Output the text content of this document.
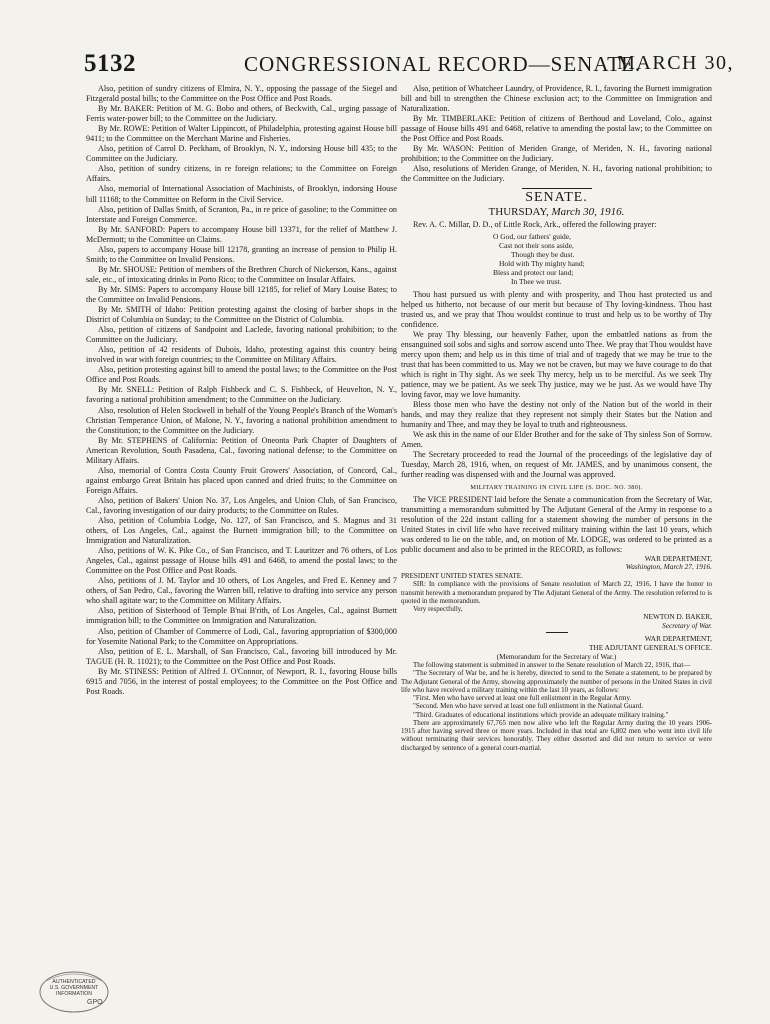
5132	CONGRESSIONAL RECORD—SENATE.
MARCH 30,

Also, petition of sundry citizens of Elmira, N. Y., opposing the passage of the Siegel and Fitzgerald postal bills; to the Committee on the Post Office and Post Roads.

By Mr. BAKER: Petition of M. G. Bobo and others, of Beckwith, Cal., urging passage of Ferris water-power bill; to the Committee on the Judiciary.

By Mr. ROWE: Petition of Walter Lippincott, of Philadelphia, protesting against House bill 9411; to the Committee on the Merchant Marine and Fisheries.

Also, petition of Carrol D. Peckham, of Brooklyn, N. Y., indorsing House bill 435; to the Committee on the Judiciary.

Also, petition of sundry citizens, in re foreign relations; to the Committee on Foreign Affairs.

Also, memorial of International Association of Machinists, of Brooklyn, indorsing House bill 11168; to the Committee on Reform in the Civil Service.

Also, petition of Dallas Smith, of Scranton, Pa., in re price of gasoline; to the Committee on Interstate and Foreign Commerce.

By Mr. SANFORD: Papers to accompany House bill 13371, for the relief of Matthew J. McDermott; to the Committee on Claims.

Also, papers to accompany House bill 12178, granting an increase of pension to Philip H. Smith; to the Committee on Invalid Pensions.

By Mr. SHOUSE: Petition of members of the Brethren Church of Nickerson, Kans., against sale, etc., of intoxicating drinks in Porto Rico; to the Committee on Insular Affairs.

By Mr. SIMS: Papers to accompany House bill 12185, for relief of Mary Louise Bates; to the Committee on Invalid Pensions.

By Mr. SMITH of Idaho: Petition protesting against the closing of barber shops in the District of Columbia on Sunday; to the Committee on the District of Columbia.

Also, petition of citizens of Sandpoint and Laclede, favoring national prohibition; to the Committee on the Judiciary.

Also, petition of 42 residents of Dubois, Idaho, protesting against this country being involved in war with foreign countries; to the Committee on Military Affairs.

Also, petition protesting against bill to amend the postal laws; to the Committee on the Post Office and Post Roads.

By Mr. SNELL: Petition of Ralph Fishbeck and C. S. Fishbeck, of Heuvelton, N. Y., favoring a national prohibition amendment; to the Committee on the Judiciary.

Also, resolution of Helen Stockwell in behalf of the Young People's Branch of the Woman's Christian Temperance Union, of Malone, N. Y., favoring a national prohibition amendment to the Constitution; to the Committee on the Judiciary.

By Mr. STEPHENS of California: Petition of Oneonta Park Chapter of Daughters of American Revolution, South Pasadena, Cal., favoring national defense; to the Committee on Military Affairs.

Also, memorial of Contra Costa County Fruit Growers' Association, of Concord, Cal., against embargo Great Britain has placed upon canned and dried fruits; to the Committee on Foreign Affairs.

Also, petition of Bakers' Union No. 37, Los Angeles, and Union Club, of San Francisco, Cal., favoring investigation of our dairy products; to the Committee on Rules.

Also, petition of Columbia Lodge, No. 127, of San Francisco, and S. Magnus and 31 others, of Los Angeles, Cal., against the Burnett immigration bill; to the Committee on Immigration and Naturalization.

Also, petitions of W. K. Pike Co., of San Francisco, and T. Lauritzer and 76 others, of Los Angeles, Cal., against passage of House bills 491 and 6468, to amend the postal laws; to the Committee on the Post Office and Post Roads.

Also, petitions of J. M. Taylor and 10 others, of Los Angeles, and Fred E. Kenney and 7 others, of San Pedro, Cal., favoring the Warren bill, relative to drafting into service any person who shall agitate war; to the Committee on Military Affairs.

Also, petition of Sisterhood of Temple B'nai B'rith, of Los Angeles, Cal., against Burnett immigration bill; to the Committee on Immigration and Naturalization.

Also, petition of Chamber of Commerce of Lodi, Cal., favoring appropriation of $300,000 for Yosemite National Park; to the Committee on Appropriations.

Also, petition of E. L. Marshall, of San Francisco, Cal., favoring bill introduced by Mr. TAGUE (H. R. 11021); to the Committee on the Post Office and Post Roads.

By Mr. STINESS: Petition of Alfred J. O'Connor, of Newport, R. I., favoring House bills 6915 and 7056, in the interest of postal employees; to the Committee on the Post Office and Post Roads.

Also, petition of Whatcheer Laundry, of Providence, R. I., favoring the Burnett immigration bill and bill to strengthen the Chinese exclusion act; to the Committee on Immigration and Naturalization.

By Mr. TIMBERLAKE: Petition of citizens of Berthoud and Loveland, Colo., against passage of House bills 491 and 6468, relative to amending the postal law; to the Committee on the Post Office and Post Roads.

By Mr. WASON: Petition of Meriden Grange, of Meriden, N. H., favoring national prohibition; to the Committee on the Judiciary.

Also, resolutions of Meriden Grange, of Meriden, N. H., favoring national prohibition; to the Committee on the Judiciary.

SENATE.
THURSDAY, March 30, 1916.

Rev. A. C. Millar, D. D., of Little Rock, Ark., offered the following prayer:

O God, our fathers' guide,
Cast not their sons aside,
Though they be dust.
Hold with Thy mighty hand;
Bless and protect our land;
In Thee we trust.

Thou hast pursued us with plenty and with prosperity, and Thou hast protected us and helped us hitherto, not because of our merit but because of Thy loving-kindness. Thou hast trusted us, and we pray that Thou wouldst continue to trust and help us to be worthy of Thy confidence.

We pray Thy blessing, our heavenly Father, upon the embattled nations as from the ensanguined soil sobs and sighs and sorrow ascend unto Thee. We pray that Thou wouldst have mercy upon them; and help us in this time of trial and of tragedy that we may be true to the trust that has been committed to us. May we not be craven, but may we have courage to do that which is right in Thy sight. As we seek Thy mercy, help us to be merciful. As we seek Thy patience, may we be patient. As we seek Thy justice, may we be just. As we would have Thy loving favor, may we love humanity.

Bless those men who have the destiny not only of the Nation but of the world in their hands, and may they realize that they represent not simply their States but the Nation and humanity and Thee, and may they be loyal to truth and righteousness.

We ask this in the name of our Elder Brother and for the sake of Thy sinless Son of Sorrow. Amen.

The Secretary proceeded to read the Journal of the proceedings of the legislative day of Tuesday, March 28, 1916, when, on request of Mr. JAMES, and by unanimous consent, the further reading was dispensed with and the Journal was approved.

MILITARY TRAINING IN CIVIL LIFE (S. DOC. NO. 380).

The VICE PRESIDENT laid before the Senate a communication from the Secretary of War, transmitting a memorandum submitted by The Adjutant General of the Army in response to a resolution of the 22d instant calling for a statement showing the number of persons in the United States in civil life who have received military training within the last 10 years, which was ordered to lie on the table, and, on motion of Mr. LODGE, was ordered to be printed as a public document and also to be printed in the RECORD, as follows:

WAR DEPARTMENT,
Washington, March 27, 1916.

PRESIDENT UNITED STATES SENATE.

SIR: In compliance with the provisions of Senate resolution of March 22, 1916, I have the honor to transmit herewith a memorandum prepared by The Adjutant General of the Army. The resolution referred to is quoted in the memorandum.

Very respectfully,

NEWTON D. BAKER,
Secretary of War.
WAR DEPARTMENT,
THE ADJUTANT GENERAL'S OFFICE.
(Memorandum for the Secretary of War.)

The following statement is submitted in answer to the Senate resolution of March 22, 1916, that—

"The Secretary of War be, and he is hereby, directed to send to the Senate a statement, to be prepared by The Adjutant General of the Army, showing approximately the number of persons in the United States in civil life who have received a military training within the last 10 years, as follows:

"First. Men who have served at least one full enlistment in the Regular Army.

"Second. Men who have served at least one full enlistment in the National Guard.

"Third. Graduates of educational institutions which provide an adequate military training."

There are approximately 67,765 men now alive who left the Regular Army during the 10 years 1906-1915 after having served three or more years. Included in that total are 6,802 men who went into civil life without terminating their services honorably. They either deserted and did not return to service or were discharged by sentence of a general court-martial.

AUTHENTICATED U.S. GOVERNMENT INFORMATION
GPO
